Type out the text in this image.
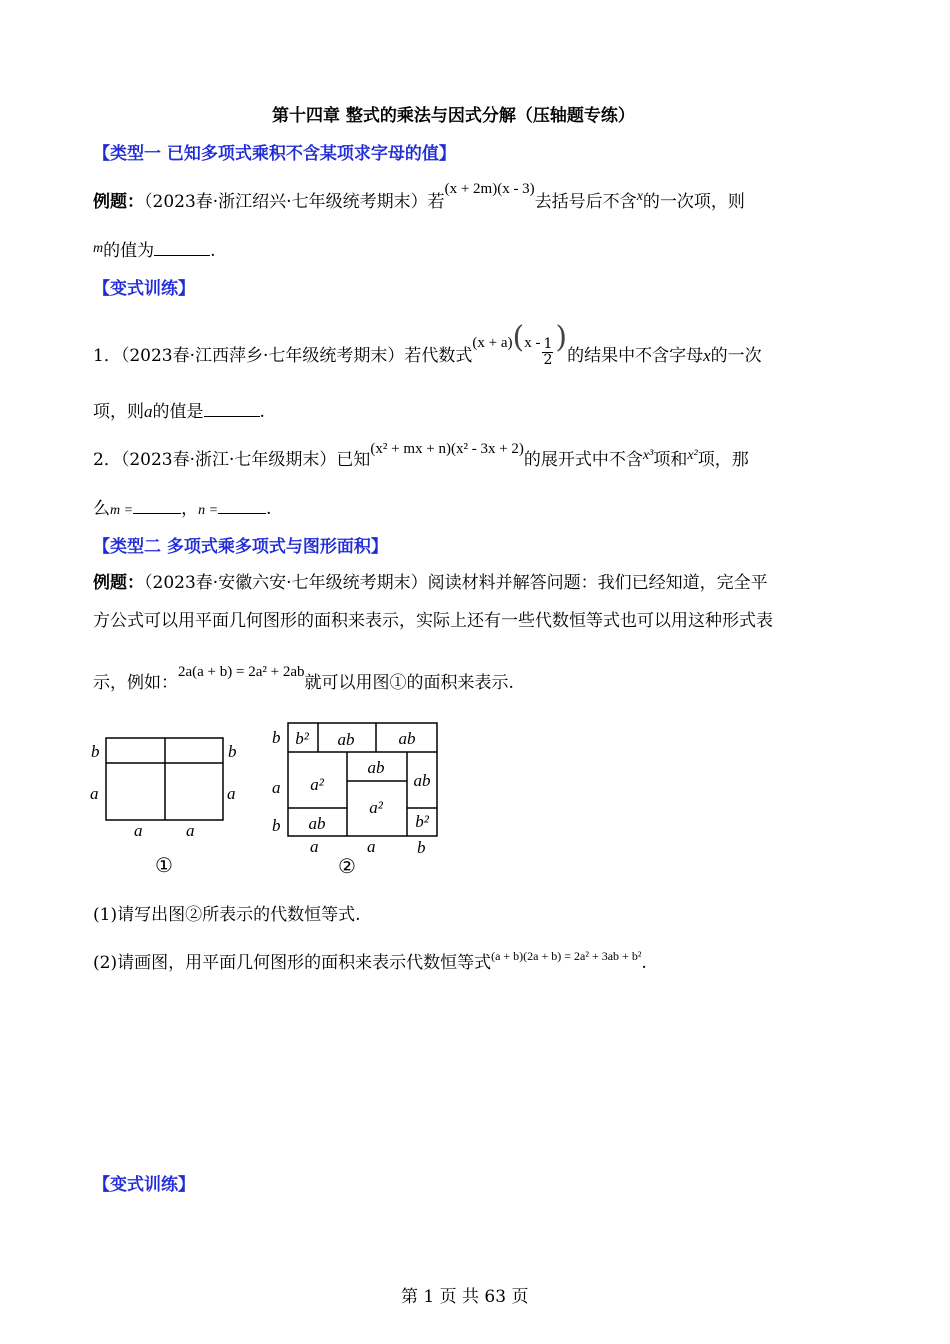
第十四章 整式的乘法与因式分解（压轴题专练）
【类型一 已知多项式乘积不含某项求字母的值】
例题：（2023春·浙江绍兴·七年级统考期末）若(x + 2m)(x - 3)去括号后不含$^x$的一次项，则
$^m$的值为	.
【变式训练】
1．（2023春·江西萍乡·七年级统考期末）若代数式$(x + a)(x - \frac{1}{2}$ )的结果中不含字母x的一次
项，则a的值是	.
2．（2023春·浙江·七年级期末）已知(x² + mx + n)(x² - 3x + 2)的展开式中不含$^{x^3}$项和$^{x^2}$项，那
么m =	，n =	.
【类型二 多项式乘多项式与图形面积】
例题：（2023春·安徽六安·七年级统考期末）阅读材料并解答问题：我们已经知道，完全平
方公式可以用平面几何图形的面积来表示，实际上还有一些代数恒等式也可以用这种形式表
示，例如：2a(a + b) = 2a² + 2ab就可以用图①的面积来表示.
b
a
b
a
a	a
①
b² ab	ab
a²
ab
ab
a²
ab	b²
b
a
b
a	a b
②
(1)请写出图②所表示的代数恒等式.
(2)请画图，用平面几何图形的面积来表示代数恒等式$^{(a + b)(2a + b) = 2a^2 + 3ab + b^2}$.
【变式训练】
第 1 页 共 63 页
